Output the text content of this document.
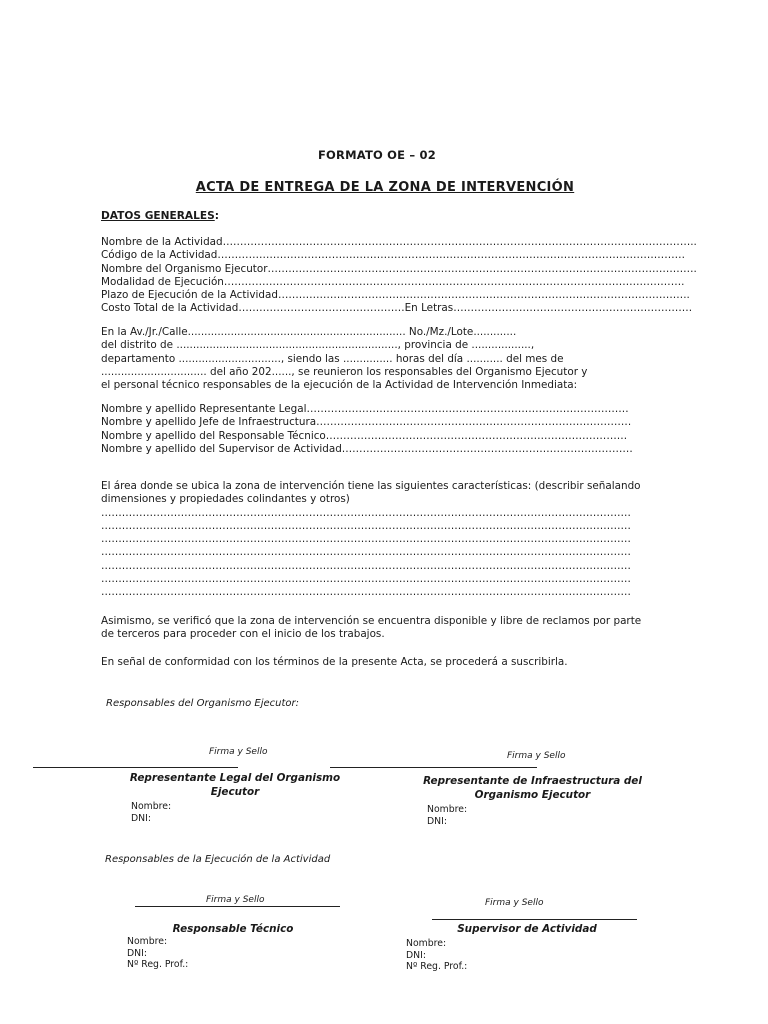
FORMATO OE – 02
ACTA DE ENTREGA DE LA ZONA DE INTERVENCIÓN
DATOS GENERALES:
Nombre de la Actividad………………………………………………………………………………………………………………………..
Código de la Actividad………………………………………………………………………………………………………………………
Nombre del Organismo Ejecutor…………………………………………………………………………………………………………….
Modalidad de Ejecución…………………………………………………………………………………………………………………….
Plazo de Ejecución de la Actividad………………………………………………………………………………………………………..
Costo Total de la Actividad…………………………………………En Letras……………………………………………………………
En la Av./Jr./Calle.................................................................. No./Mz./Lote.............
del distrito de ..................................................................., provincia de ..................,
departamento ..............................., siendo las ............... horas del día ........... del mes de
................................ del año 202......, se reunieron los responsables del Organismo Ejecutor y
el personal técnico responsables de la ejecución de la Actividad de Intervención Inmediata:
Nombre y apellido Representante Legal…………………………………………………………………………………
Nombre y apellido Jefe de Infraestructura……………………………………………………………………………….
Nombre y apellido del Responsable Técnico……………………………………………………………………………
Nombre y apellido del Supervisor de Actividad…………………………………………………………………………
El área donde se ubica la zona de intervención tiene las siguientes características: (describir señalando
dimensiones y propiedades colindantes y otros)
………………………………………………………………………………………………………………………………………
………………………………………………………………………………………………………………………………………
………………………………………………………………………………………………………………………………………
………………………………………………………………………………………………………………………………………
………………………………………………………………………………………………………………………………………
………………………………………………………………………………………………………………………………………
………………………………………………………………………………………………………………………………………
Asimismo, se verificó que la zona de intervención se encuentra disponible y libre de reclamos por parte
de terceros para proceder con el inicio de los trabajos.
En señal de conformidad con los términos de la presente Acta, se procederá a suscribirla.
Responsables del Organismo Ejecutor:
Firma y Sello
Representante Legal del Organismo
Ejecutor
Nombre:
DNI:
Firma y Sello
Representante de Infraestructura del
Organismo Ejecutor
Nombre:
DNI:
Responsables de la Ejecución de la Actividad
Firma y Sello
Responsable Técnico
Nombre:
DNI:
Nº Reg. Prof.:
Firma y Sello
Supervisor de Actividad
Nombre:
DNI:
Nº Reg. Prof.:
